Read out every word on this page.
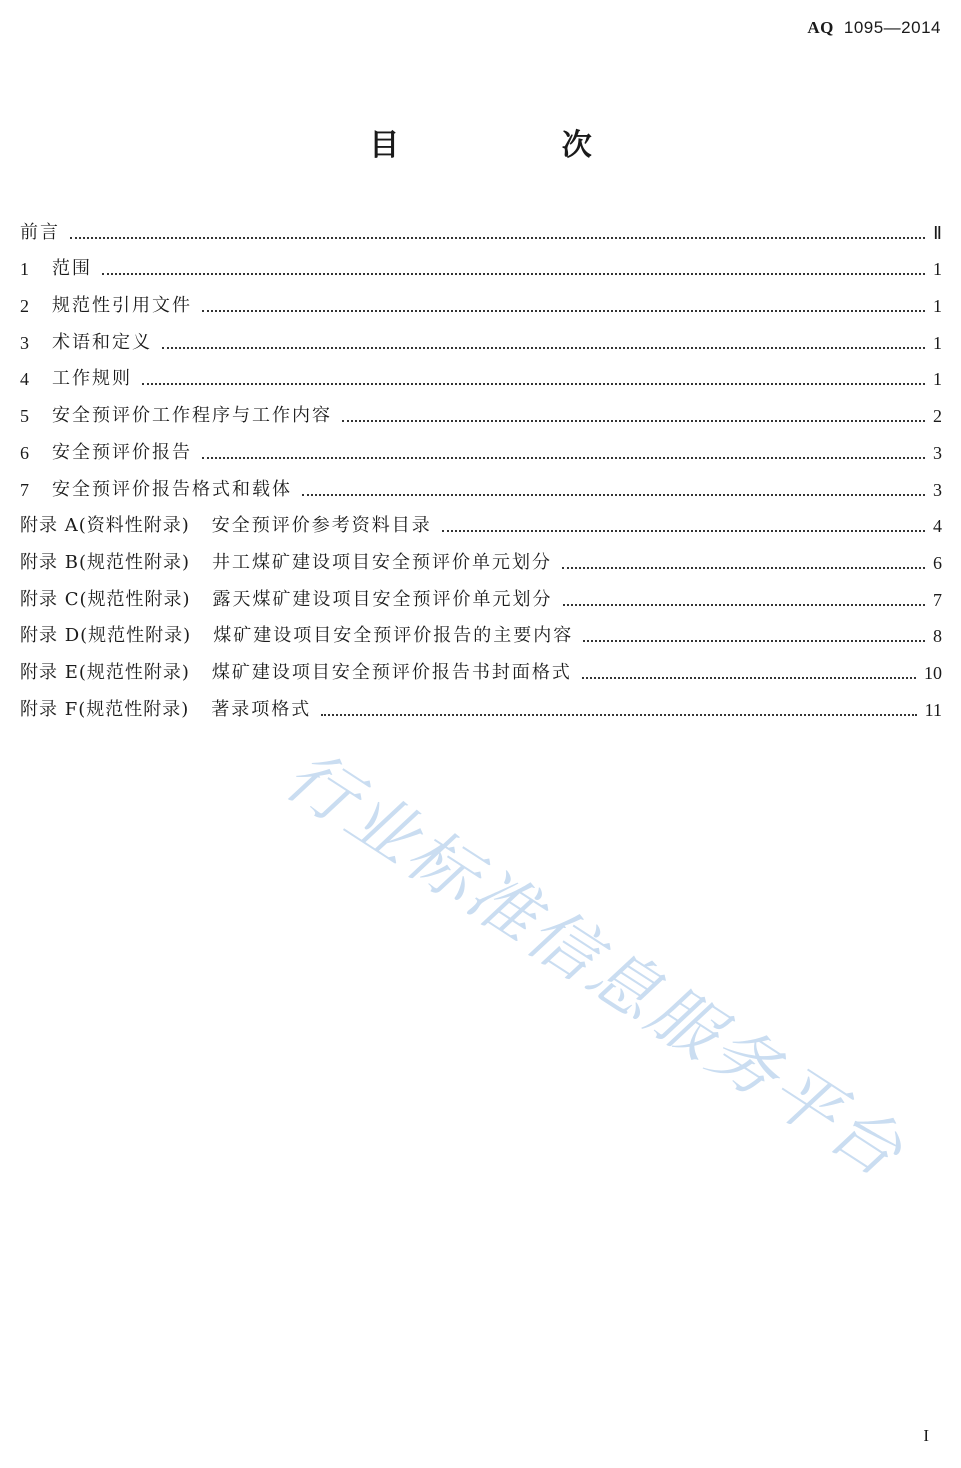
AQ 1095—2014
目 次
前言	Ⅱ
1	范围	1
2	规范性引用文件	1
3	术语和定义	1
4	工作规则	1
5	安全预评价工作程序与工作内容	2
6	安全预评价报告	3
7	安全预评价报告格式和载体	3
附录 A(资料性附录) 安全预评价参考资料目录	4
附录 B(规范性附录) 井工煤矿建设项目安全预评价单元划分	6
附录 C(规范性附录) 露天煤矿建设项目安全预评价单元划分	7
附录 D(规范性附录) 煤矿建设项目安全预评价报告的主要内容	8
附录 E(规范性附录) 煤矿建设项目安全预评价报告书封面格式	10
附录 F(规范性附录) 著录项格式	11
行业标准信息服务平台
I
